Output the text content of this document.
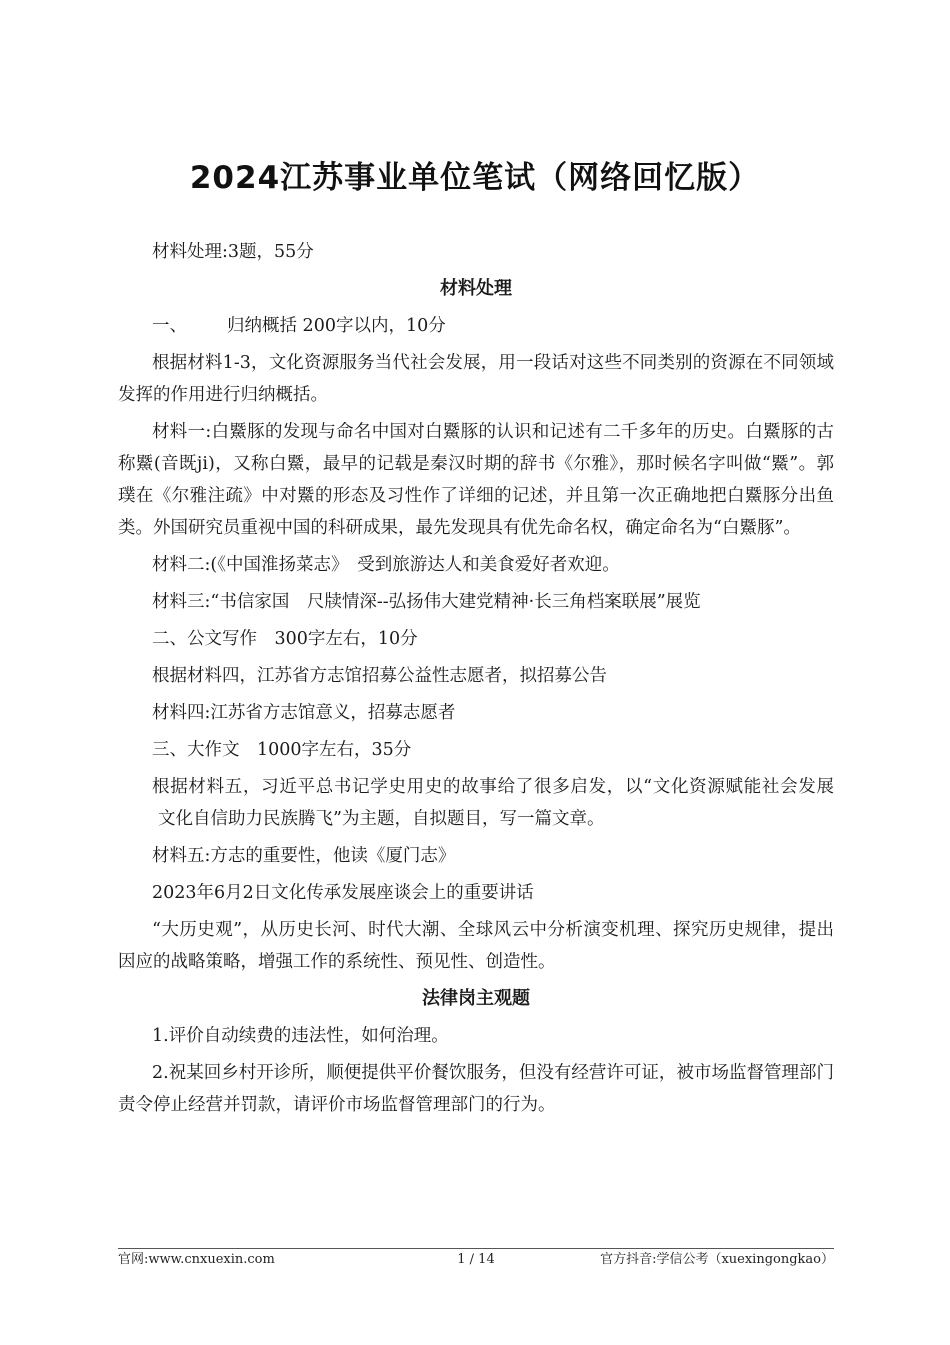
2024江苏事业单位笔试（网络回忆版）

材料处理:3题，55分

材料处理

一、 归纳概括 200字以内，10分

根据材料1-3，文化资源服务当代社会发展，用一段话对这些不同类别的资源在不同领域发挥的作用进行归纳概括。

材料一:白鱀豚的发现与命名中国对白鱀豚的认识和记述有二千多年的历史。白鱀豚的古称鱀(音既ji)，又称白鱀，最早的记载是秦汉时期的辞书《尔雅》，那时候名字叫做“鱀”。郭璞在《尔雅注疏》中对鱀的形态及习性作了详细的记述，并且第一次正确地把白鱀豚分出鱼类。外国研究员重视中国的科研成果，最先发现具有优先命名权，确定命名为“白鱀豚”。

材料二:(《中国淮扬菜志》　受到旅游达人和美食爱好者欢迎。

材料三:“书信家国　尺牍情深--弘扬伟大建党精神·长三角档案联展”展览

二、公文写作　300字左右，10分

根据材料四，江苏省方志馆招募公益性志愿者，拟招募公告

材料四:江苏省方志馆意义，招募志愿者

三、大作文　1000字左右，35分

根据材料五，习近平总书记学史用史的故事给了很多启发，以“文化资源赋能社会发展文化自信助力民族腾飞”为主题，自拟题目，写一篇文章。

材料五:方志的重要性，他读《厦门志》

2023年6月2日文化传承发展座谈会上的重要讲话

“大历史观”，从历史长河、时代大潮、全球风云中分析演变机理、探究历史规律，提出因应的战略策略，增强工作的系统性、预见性、创造性。

法律岗主观题

1.评价自动续费的违法性，如何治理。

2.祝某回乡村开诊所，顺便提供平价餐饮服务，但没有经营许可证，被市场监督管理部门责令停止经营并罚款，请评价市场监督管理部门的行为。

官网:www.cnxuexin.com	1 / 14	官方抖音:学信公考（xuexingongkao）
